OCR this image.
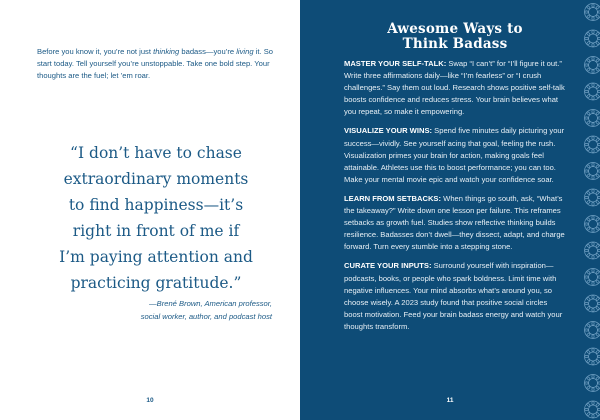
Before you know it, you’re not just thinking badass—you’re living it. So start today. Tell yourself you’re unstoppable. Take one bold step. Your thoughts are the fuel; let ’em roar.

“I don’t have to chase
extraordinary moments
to find happiness—it’s
right in front of me if
I’m paying attention and
practicing gratitude.”
—Brené Brown, American professor,
social worker, author, and podcast host
10
Awesome Ways to
Think Badass

MASTER YOUR SELF-TALK: Swap “I can’t” for “I’ll figure it out.” Write three affirmations daily—like “I’m fearless” or “I crush challenges.” Say them out loud. Research shows positive self-talk boosts confidence and reduces stress. Your brain believes what you repeat, so make it empowering.

VISUALIZE YOUR WINS: Spend five minutes daily picturing your success—vividly. See yourself acing that goal, feeling the rush. Visualization primes your brain for action, making goals feel attainable. Athletes use this to boost performance; you can too. Make your mental movie epic and watch your confidence soar.

LEARN FROM SETBACKS: When things go south, ask, “What’s the takeaway?” Write down one lesson per failure. This reframes setbacks as growth fuel. Studies show reflective thinking builds resilience. Badasses don’t dwell—they dissect, adapt, and charge forward. Turn every stumble into a stepping stone.

CURATE YOUR INPUTS: Surround yourself with inspiration—podcasts, books, or people who spark boldness. Limit time with negative influences. Your mind absorbs what’s around you, so choose wisely. A 2023 study found that positive social circles boost motivation. Feed your brain badass energy and watch your thoughts transform.

11
